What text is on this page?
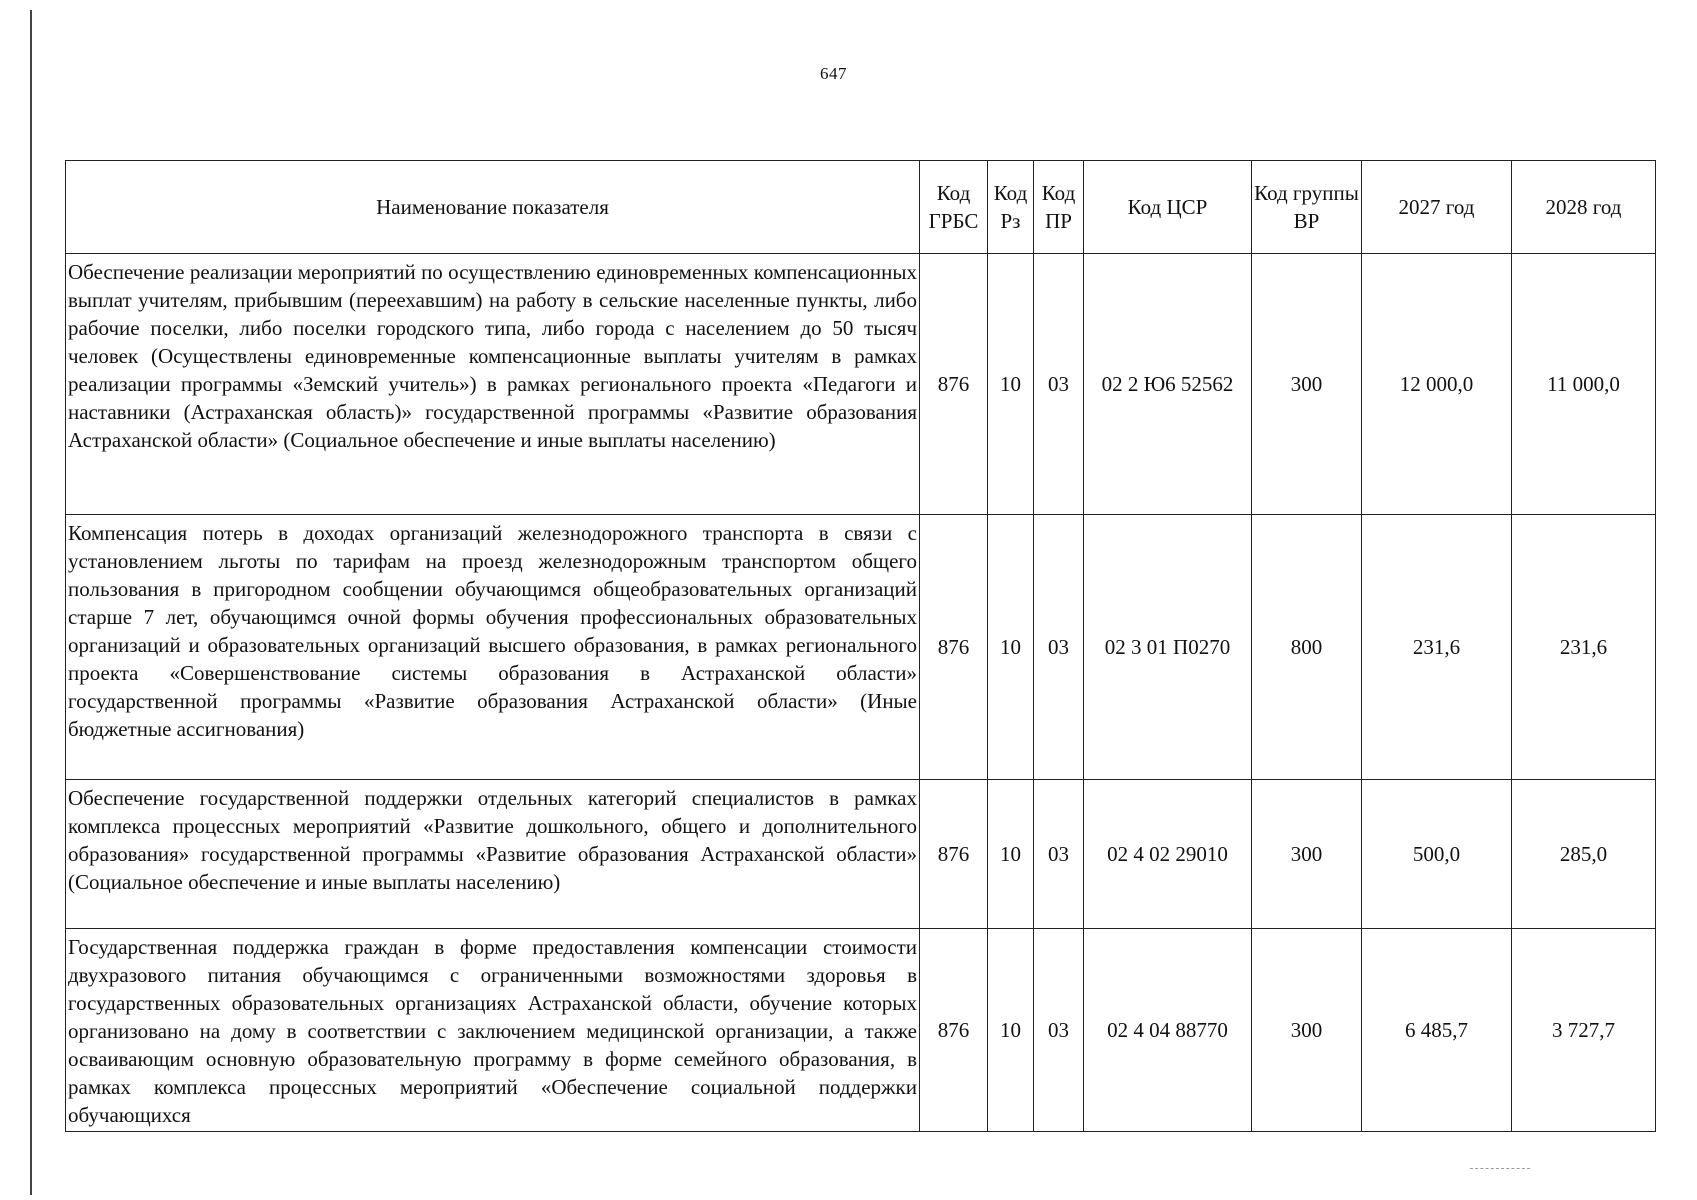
647
Наименование показателя	Код ГРБС	Код Рз	Код ПР	Код ЦСР	Код группы ВР	2027 год	2028 год
Обеспечение реализации мероприятий по осуществлению единовременных компенсационных выплат учителям, прибывшим (переехавшим) на работу в сельские населенные пункты, либо рабочие поселки, либо поселки городского типа, либо города с населением до 50 тысяч человек (Осуществлены единовременные компенсационные выплаты учителям в рамках реализации программы «Земский учитель») в рамках регионального проекта «Педагоги и наставники (Астраханская область)» государственной программы «Развитие образования Астраханской области» (Социальное обеспечение и иные выплаты населению)	876	10	03	02 2 Ю6 52562	300	12 000,0	11 000,0
Компенсация потерь в доходах организаций железнодорожного транспорта в связи с установлением льготы по тарифам на проезд железнодорожным транспортом общего пользования в пригородном сообщении обучающимся общеобразовательных организаций старше 7 лет, обучающимся очной формы обучения профессиональных образовательных организаций и образовательных организаций высшего образования, в рамках регионального проекта «Совершенствование системы образования в Астраханской области» государственной программы «Развитие образования Астраханской области» (Иные бюджетные ассигнования)	876	10	03	02 3 01 П0270	800	231,6	231,6
Обеспечение государственной поддержки отдельных категорий специалистов в рамках комплекса процессных мероприятий «Развитие дошкольного, общего и дополнительного образования» государственной программы «Развитие образования Астраханской области» (Социальное обеспечение и иные выплаты населению)	876	10	03	02 4 02 29010	300	500,0	285,0
Государственная поддержка граждан в форме предоставления компенсации стоимости двухразового питания обучающимся с ограниченными возможностями здоровья в государственных образовательных организациях Астраханской области, обучение которых организовано на дому в соответствии с заключением медицинской организации, а также осваивающим основную образовательную программу в форме семейного образования, в рамках комплекса процессных мероприятий «Обеспечение социальной поддержки обучающихся	876	10	03	02 4 04 88770	300	6 485,7	3 727,7
